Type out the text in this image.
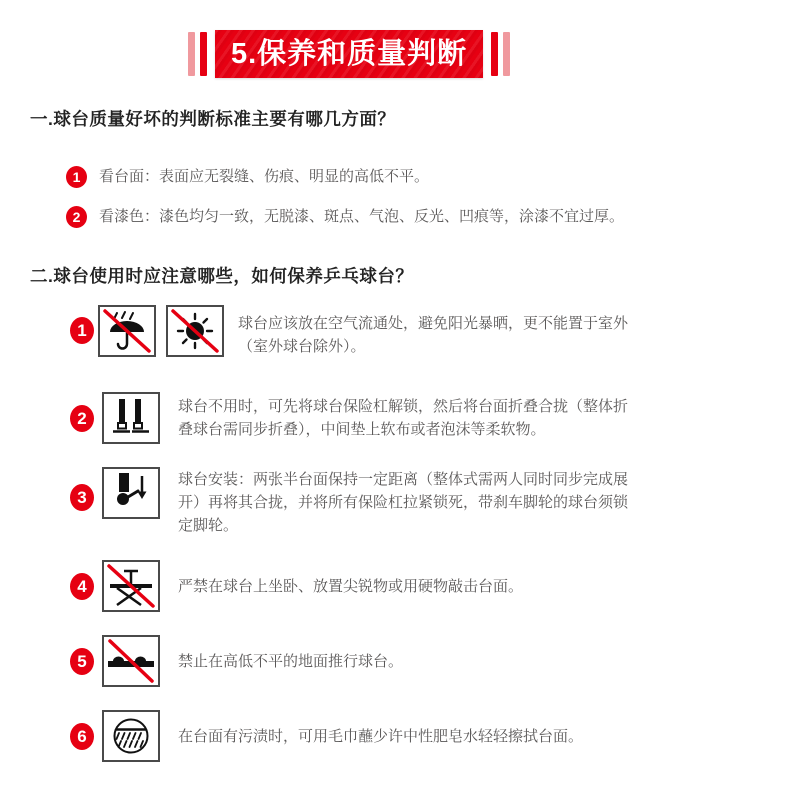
5.保养和质量判断
一.球台质量好坏的判断标准主要有哪几方面？
1	看台面：表面应无裂缝、伤痕、明显的高低不平。
2	看漆色：漆色均匀一致，无脱漆、斑点、气泡、反光、凹痕等，涂漆不宜过厚。
二.球台使用时应注意哪些，如何保养乒乓球台？
1	球台应该放在空气流通处，避免阳光暴晒，更不能置于室外（室外球台除外）。
2
球台不用时，可先将球台保险杠解锁，然后将台面折叠合拢（整体折叠球台需同步折叠），中间垫上软布或者泡沫等柔软物。
3
球台安装：两张半台面保持一定距离（整体式需两人同时同步完成展开）再将其合拢，并将所有保险杠拉紧锁死，带刹车脚轮的球台须锁定脚轮。
4	严禁在球台上坐卧、放置尖锐物或用硬物敲击台面。
5	禁止在高低不平的地面推行球台。
6	在台面有污渍时，可用毛巾蘸少许中性肥皂水轻轻擦拭台面。
